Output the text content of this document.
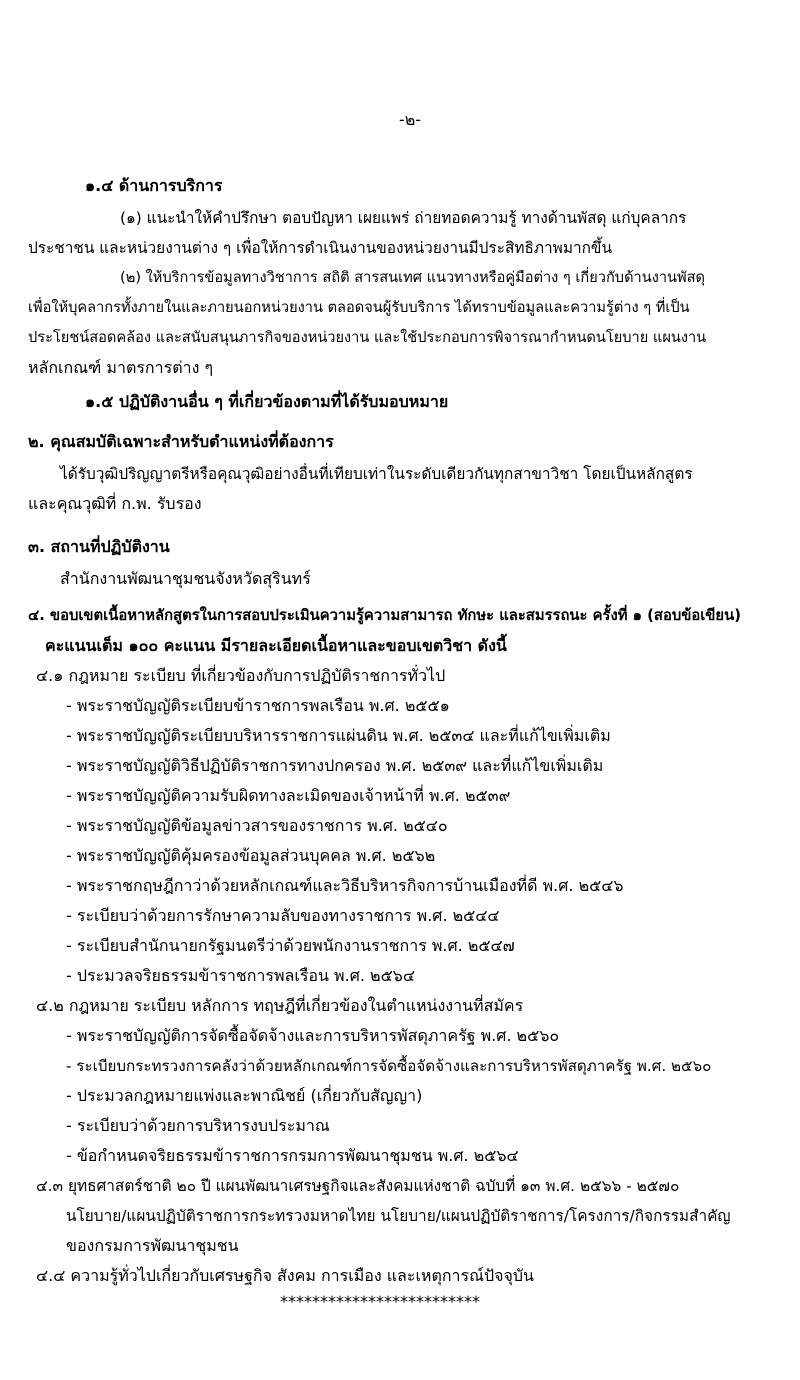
-๒-
๑.๔ ด้านการบริการ
(๑) แนะนำให้คำปรึกษา ตอบปัญหา เผยแพร่ ถ่ายทอดความรู้ ทางด้านพัสดุ แก่บุคลากร
ประชาชน และหน่วยงานต่าง ๆ เพื่อให้การดำเนินงานของหน่วยงานมีประสิทธิภาพมากขึ้น
(๒) ให้บริการข้อมูลทางวิชาการ สถิติ สารสนเทศ แนวทางหรือคู่มือต่าง ๆ เกี่ยวกับด้านงานพัสดุ
เพื่อให้บุคลากรทั้งภายในและภายนอกหน่วยงาน ตลอดจนผู้รับบริการ ได้ทราบข้อมูลและความรู้ต่าง ๆ ที่เป็น
ประโยชน์สอดคล้อง และสนับสนุนภารกิจของหน่วยงาน และใช้ประกอบการพิจารณากำหนดนโยบาย แผนงาน
หลักเกณฑ์ มาตรการต่าง ๆ
๑.๕ ปฏิบัติงานอื่น ๆ ที่เกี่ยวข้องตามที่ได้รับมอบหมาย
๒. คุณสมบัติเฉพาะสำหรับตำแหน่งที่ต้องการ
ได้รับวุฒิปริญญาตรีหรือคุณวุฒิอย่างอื่นที่เทียบเท่าในระดับเดียวกันทุกสาขาวิชา โดยเป็นหลักสูตร
และคุณวุฒิที่ ก.พ. รับรอง
๓. สถานที่ปฏิบัติงาน
สำนักงานพัฒนาชุมชนจังหวัดสุรินทร์
๔. ขอบเขตเนื้อหาหลักสูตรในการสอบประเมินความรู้ความสามารถ ทักษะ และสมรรถนะ ครั้งที่ ๑ (สอบข้อเขียน)
คะแนนเต็ม ๑๐๐ คะแนน มีรายละเอียดเนื้อหาและขอบเขตวิชา ดังนี้
๔.๑ กฎหมาย ระเบียบ ที่เกี่ยวข้องกับการปฏิบัติราชการทั่วไป
- พระราชบัญญัติระเบียบข้าราชการพลเรือน พ.ศ. ๒๕๕๑
- พระราชบัญญัติระเบียบบริหารราชการแผ่นดิน พ.ศ. ๒๕๓๔ และที่แก้ไขเพิ่มเติม
- พระราชบัญญัติวิธีปฏิบัติราชการทางปกครอง พ.ศ. ๒๕๓๙ และที่แก้ไขเพิ่มเติม
- พระราชบัญญัติความรับผิดทางละเมิดของเจ้าหน้าที่ พ.ศ. ๒๕๓๙
- พระราชบัญญัติข้อมูลข่าวสารของราชการ พ.ศ. ๒๕๔๐
- พระราชบัญญัติคุ้มครองข้อมูลส่วนบุคคล พ.ศ. ๒๕๖๒
- พระราชกฤษฎีกาว่าด้วยหลักเกณฑ์และวิธีบริหารกิจการบ้านเมืองที่ดี พ.ศ. ๒๕๔๖
- ระเบียบว่าด้วยการรักษาความลับของทางราชการ พ.ศ. ๒๕๔๔
- ระเบียบสำนักนายกรัฐมนตรีว่าด้วยพนักงานราชการ พ.ศ. ๒๕๔๗
- ประมวลจริยธรรมข้าราชการพลเรือน พ.ศ. ๒๕๖๔
๔.๒ กฎหมาย ระเบียบ หลักการ ทฤษฎีที่เกี่ยวข้องในตำแหน่งงานที่สมัคร
- พระราชบัญญัติการจัดซื้อจัดจ้างและการบริหารพัสดุภาครัฐ พ.ศ. ๒๕๖๐
- ระเบียบกระทรวงการคลังว่าด้วยหลักเกณฑ์การจัดซื้อจัดจ้างและการบริหารพัสดุภาครัฐ พ.ศ. ๒๕๖๐
- ประมวลกฎหมายแพ่งและพาณิชย์ (เกี่ยวกับสัญญา)
- ระเบียบว่าด้วยการบริหารงบประมาณ
- ข้อกำหนดจริยธรรมข้าราชการกรมการพัฒนาชุมชน พ.ศ. ๒๕๖๔
๔.๓ ยุทธศาสตร์ชาติ ๒๐ ปี แผนพัฒนาเศรษฐกิจและสังคมแห่งชาติ ฉบับที่ ๑๓ พ.ศ. ๒๕๖๖ - ๒๕๗๐
นโยบาย/แผนปฏิบัติราชการกระทรวงมหาดไทย นโยบาย/แผนปฏิบัติราชการ/โครงการ/กิจกรรมสำคัญ
ของกรมการพัฒนาชุมชน
๔.๔ ความรู้ทั่วไปเกี่ยวกับเศรษฐกิจ สังคม การเมือง และเหตุการณ์ปัจจุบัน
*************************
